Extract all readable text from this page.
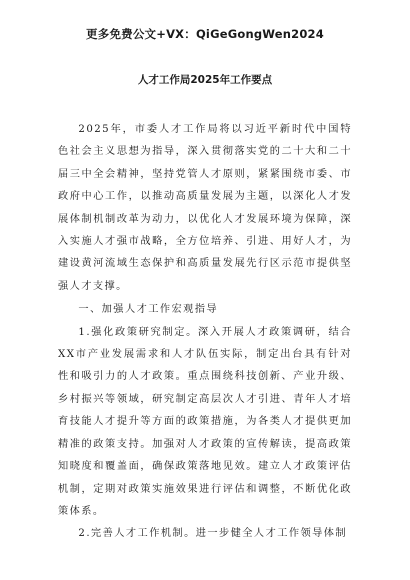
更多免费公文+VX：QiGeGongWen2024

人才工作局2025年工作要点

2025年，市委人才工作局将以习近平新时代中国特色社会主义思想为指导，深入贯彻落实党的二十大和二十届三中全会精神，坚持党管人才原则，紧紧围绕市委、市政府中心工作，以推动高质量发展为主题，以深化人才发展体制机制改革为动力，以优化人才发展环境为保障，深入实施人才强市战略，全方位培养、引进、用好人才，为建设黄河流域生态保护和高质量发展先行区示范市提供坚强人才支撑。

一、加强人才工作宏观指导

1.强化政策研究制定。深入开展人才政策调研，结合XX市产业发展需求和人才队伍实际，制定出台具有针对性和吸引力的人才政策。重点围绕科技创新、产业升级、乡村振兴等领域，研究制定高层次人才引进、青年人才培育技能人才提升等方面的政策措施，为各类人才提供更加精准的政策支持。加强对人才政策的宣传解读，提高政策知晓度和覆盖面，确保政策落地见效。建立人才政策评估机制，定期对政策实施效果进行评估和调整，不断优化政策体系。

2.完善人才工作机制。进一步健全人才工作领导体制
